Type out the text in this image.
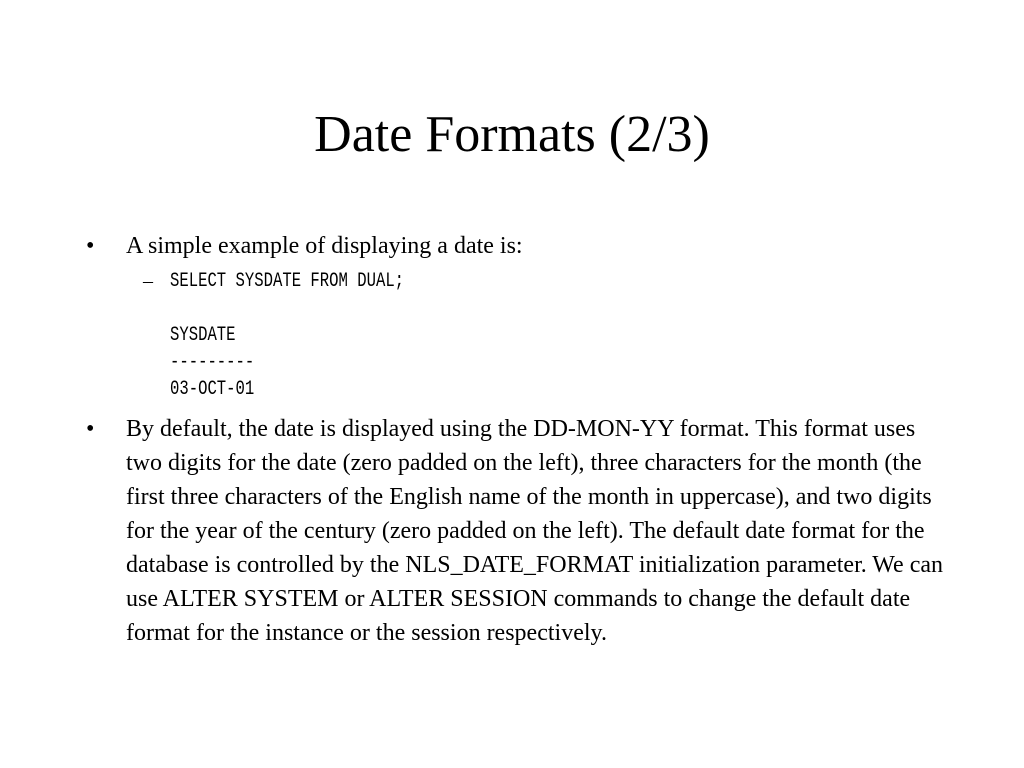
Date Formats (2/3)
•	A simple example of displaying a date is:
– SELECT SYSDATE FROM DUAL;
SYSDATE
---------
03-OCT-01
•	By default, the date is displayed using the DD-MON-YY format. This format uses two digits for the date (zero padded on the left), three characters for the month (the first three characters of the English name of the month in uppercase), and two digits for the year of the century (zero padded on the left). The default date format for the database is controlled by the NLS_DATE_FORMAT initialization parameter. We can use ALTER SYSTEM or ALTER SESSION commands to change the default date format for the instance or the session respectively.
